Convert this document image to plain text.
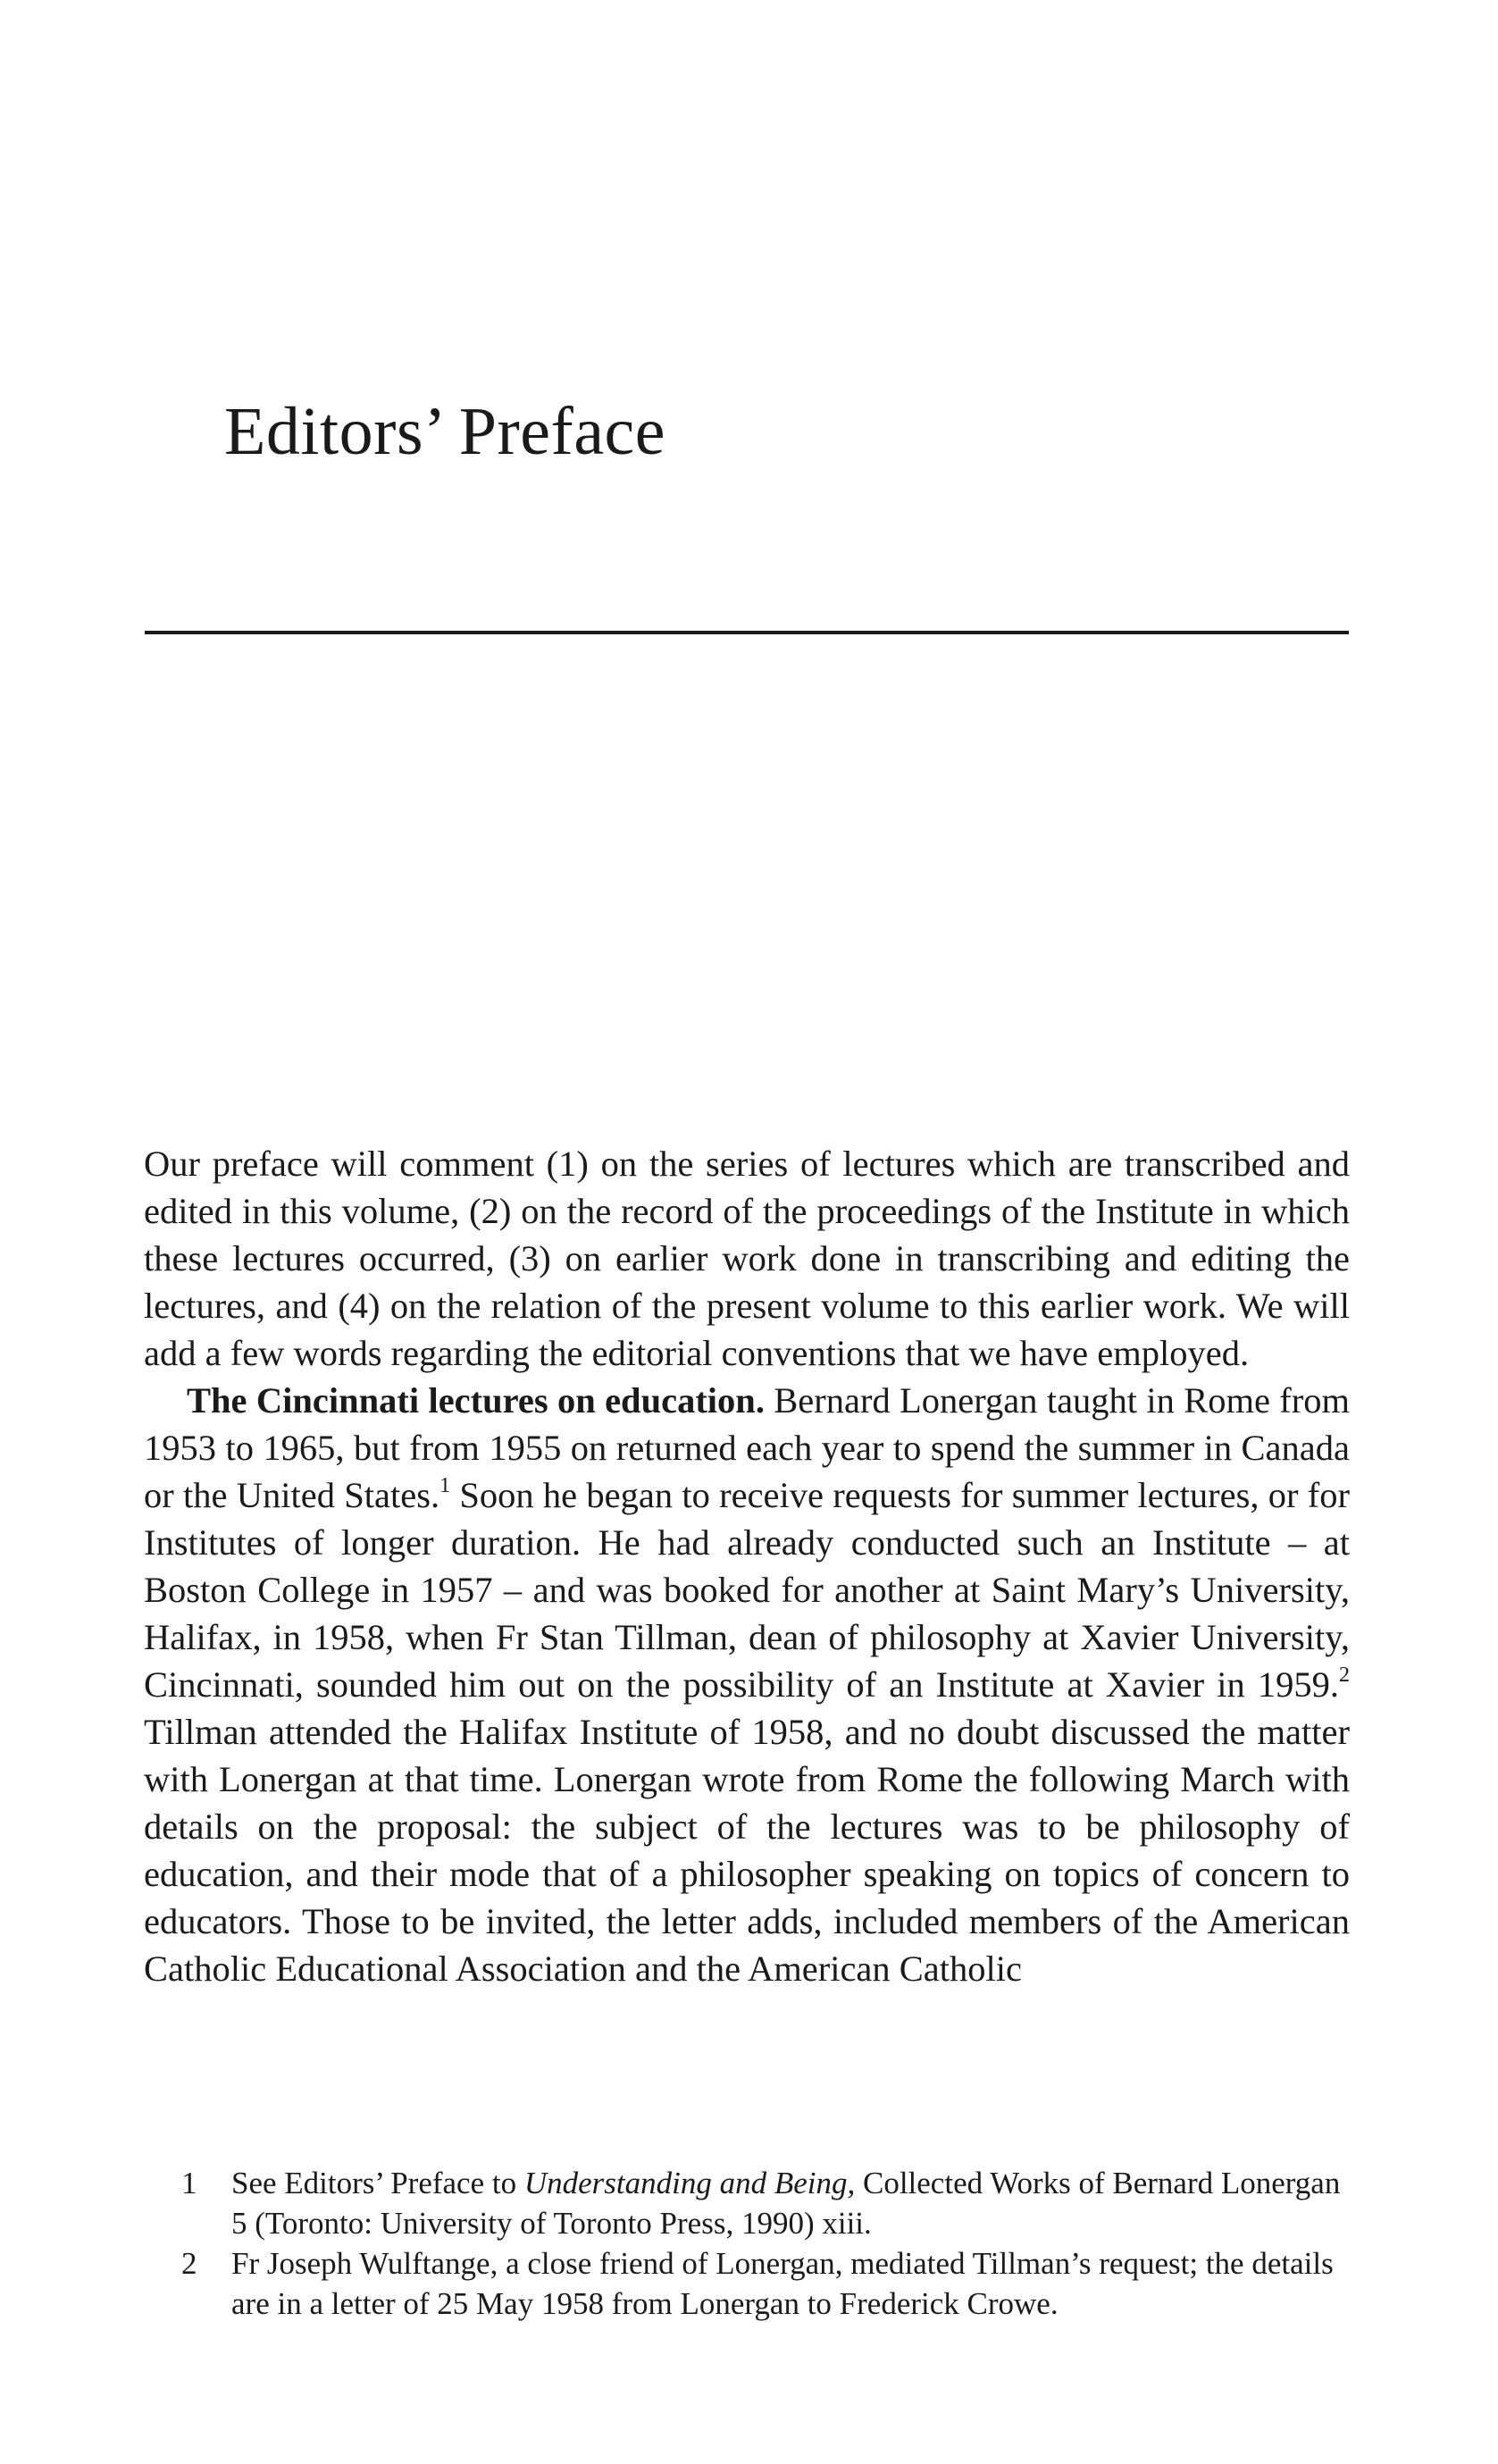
Editors’ Preface

Our preface will comment (1) on the series of lectures which are transcribed and edited in this volume, (2) on the record of the proceedings of the Institute in which these lectures occurred, (3) on earlier work done in transcribing and editing the lectures, and (4) on the relation of the present volume to this earlier work. We will add a few words regarding the editorial conventions that we have employed.

The Cincinnati lectures on education. Bernard Lonergan taught in Rome from 1953 to 1965, but from 1955 on returned each year to spend the summer in Canada or the United States.$^1$ Soon he began to receive requests for summer lectures, or for Institutes of longer duration. He had already conducted such an Institute – at Boston College in 1957 – and was booked for another at Saint Mary’s University, Halifax, in 1958, when Fr Stan Tillman, dean of philosophy at Xavier University, Cincinnati, sounded him out on the possibility of an Institute at Xavier in 1959.$^2$ Tillman attended the Halifax Institute of 1958, and no doubt discussed the matter with Lonergan at that time. Lonergan wrote from Rome the following March with details on the proposal: the subject of the lectures was to be philosophy of education, and their mode that of a philosopher speaking on topics of concern to educators. Those to be invited, the letter adds, included members of the American Catholic Educational Association and the American Catholic

1 See Editors’ Preface to Understanding and Being, Collected Works of Bernard Lonergan 5 (Toronto: University of Toronto Press, 1990) xiii.

2 Fr Joseph Wulftange, a close friend of Lonergan, mediated Tillman’s request; the details are in a letter of 25 May 1958 from Lonergan to Frederick Crowe.
